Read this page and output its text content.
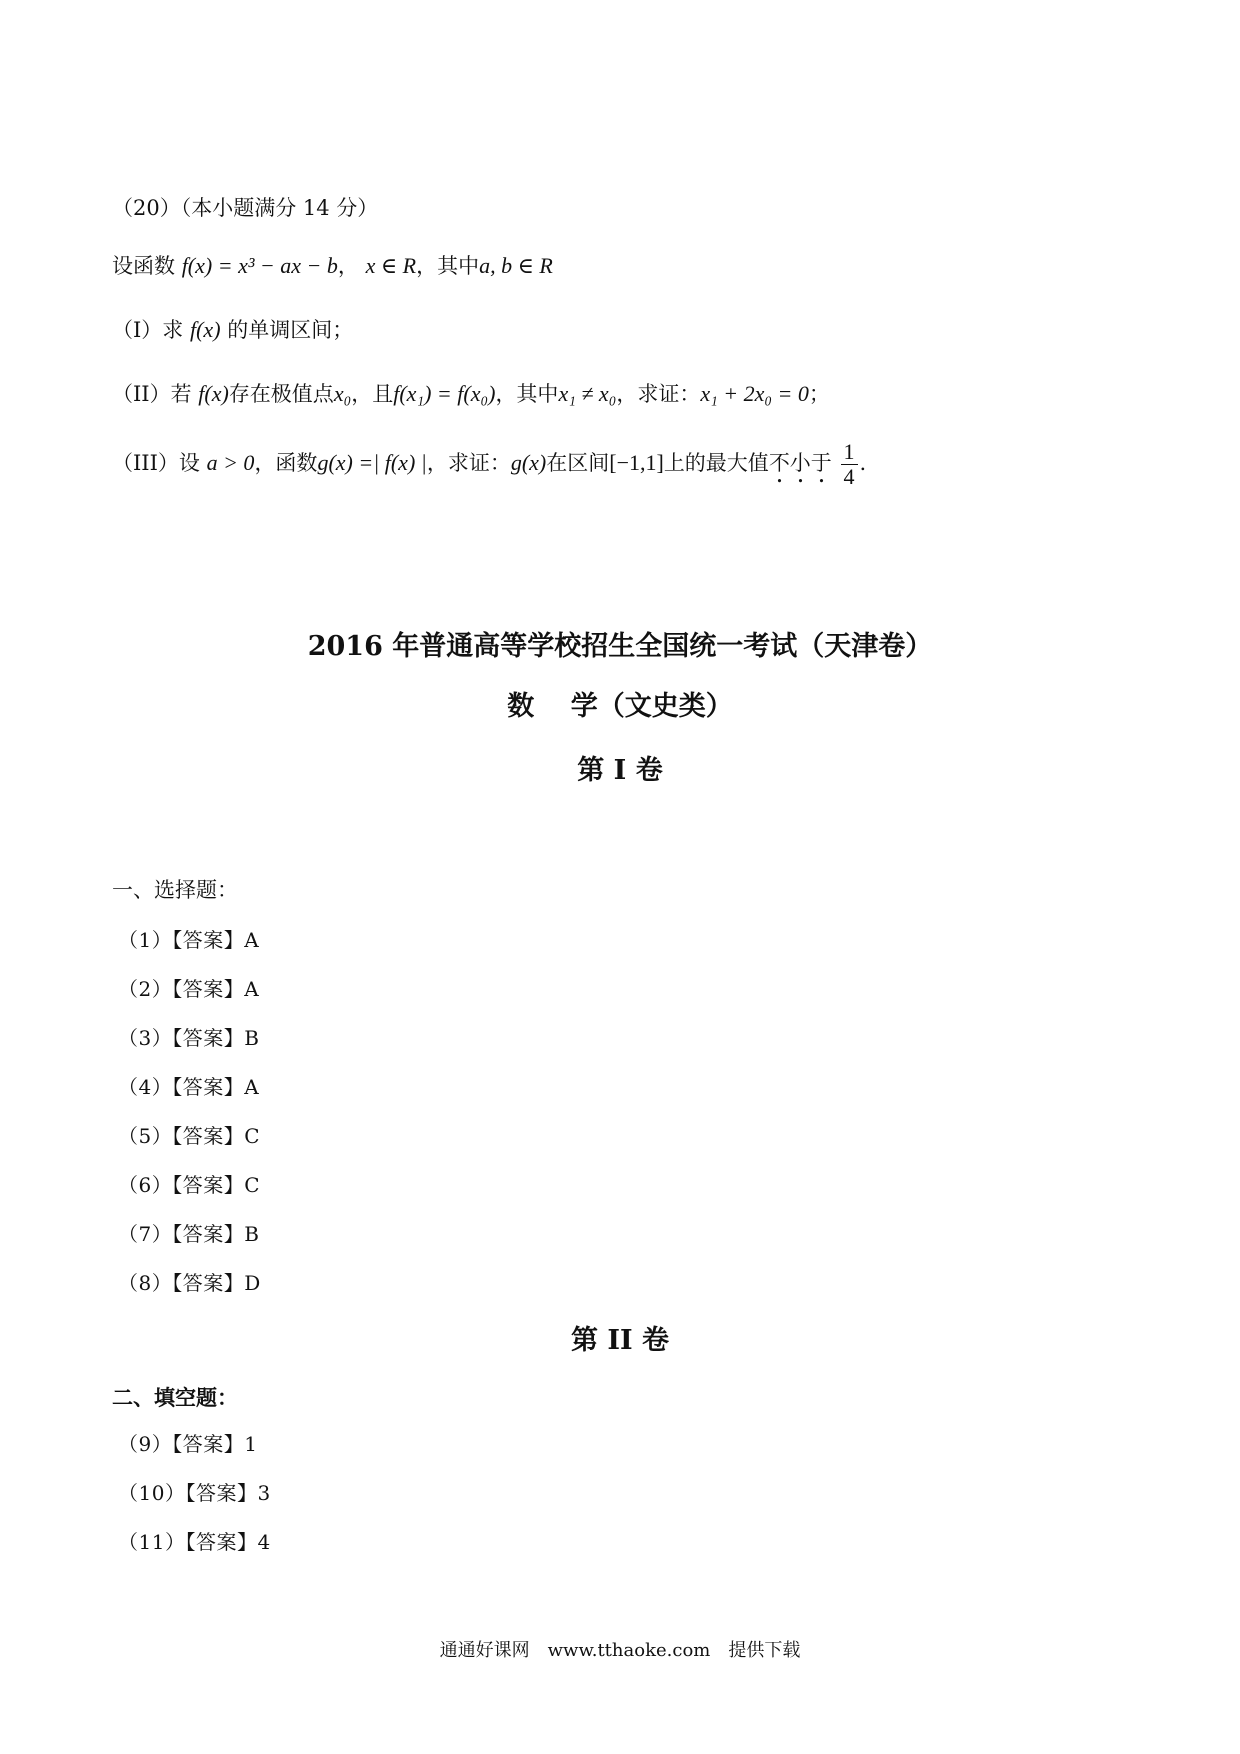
（20）（本小题满分 14 分）
设函数 f(x) = x³ − ax − b， x ∈ R，其中a, b ∈ R
（I）求 f(x) 的单调区间；
（II）若 f(x)存在极值点x₀，且f(x₁) = f(x₀)，其中x₁ ≠ x₀，求证：x₁ + 2x₀ = 0；
（III）设 a > 0，函数g(x) =| f(x) |，求证：g(x)在区间[−1,1]上的最大值不小于 $\frac{1}{4}$ .
2016 年普通高等学校招生全国统一考试（天津卷）
数　 学（文史类）
第 I 卷
一、选择题：
（1）【答案】A
（2）【答案】A
（3）【答案】B
（4）【答案】A
（5）【答案】C
（6）【答案】C
（7）【答案】B
（8）【答案】D
第 II 卷
二、填空题：
（9）【答案】1
（10）【答案】3
（11）【答案】4
通通好课网　www.tthaoke.com　提供下载
